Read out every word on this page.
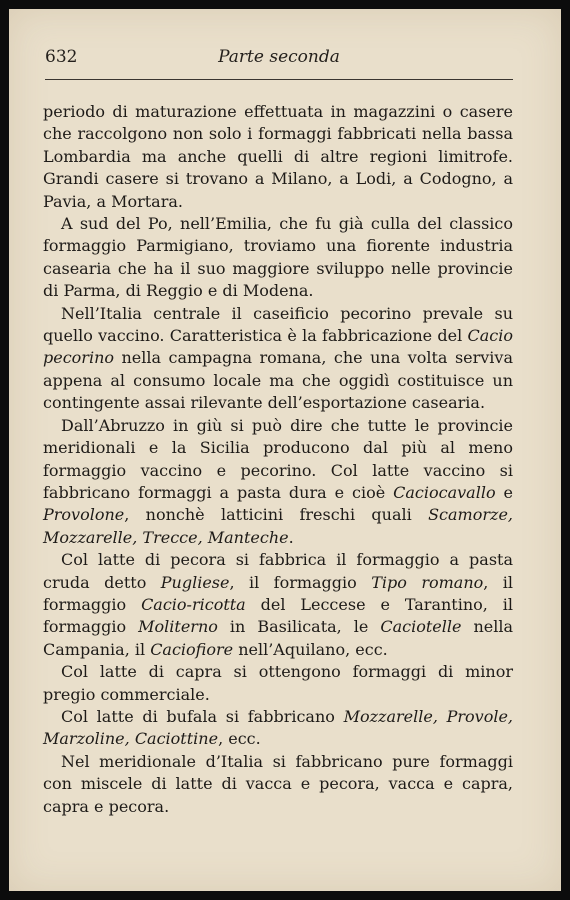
632	Parte seconda

periodo di maturazione effettuata in magazzini o casere che raccolgono non solo i formaggi fabbricati nella bassa Lombardia ma anche quelli di altre regioni limitrofe. Grandi casere si trovano a Milano, a Lodi, a Codogno, a Pavia, a Mortara.

A sud del Po, nell’Emilia, che fu già culla del classico formaggio Parmigiano, troviamo una fiorente industria casearia che ha il suo maggiore sviluppo nelle provincie di Parma, di Reggio e di Modena.

Nell’Italia centrale il caseificio pecorino prevale su quello vaccino. Caratteristica è la fabbricazione del Cacio pecorino nella campagna romana, che una volta serviva appena al consumo locale ma che oggidì costituisce un contingente assai rilevante dell’esportazione casearia.

Dall’Abruzzo in giù si può dire che tutte le provincie meridionali e la Sicilia producono dal più al meno formaggio vaccino e pecorino. Col latte vaccino si fabbricano formaggi a pasta dura e cioè Caciocavallo e Provolone, nonchè latticini freschi quali Scamorze, Mozzarelle, Trecce, Manteche.

Col latte di pecora si fabbrica il formaggio a pasta cruda detto Pugliese, il formaggio Tipo romano, il formaggio Cacio-ricotta del Leccese e Tarantino, il formaggio Moliterno in Basilicata, le Caciotelle nella Campania, il Caciofiore nell’Aquilano, ecc.

Col latte di capra si ottengono formaggi di minor pregio commerciale.

Col latte di bufala si fabbricano Mozzarelle, Provole, Marzoline, Caciottine, ecc.

Nel meridionale d’Italia si fabbricano pure formaggi con miscele di latte di vacca e pecora, vacca e capra, capra e pecora.
